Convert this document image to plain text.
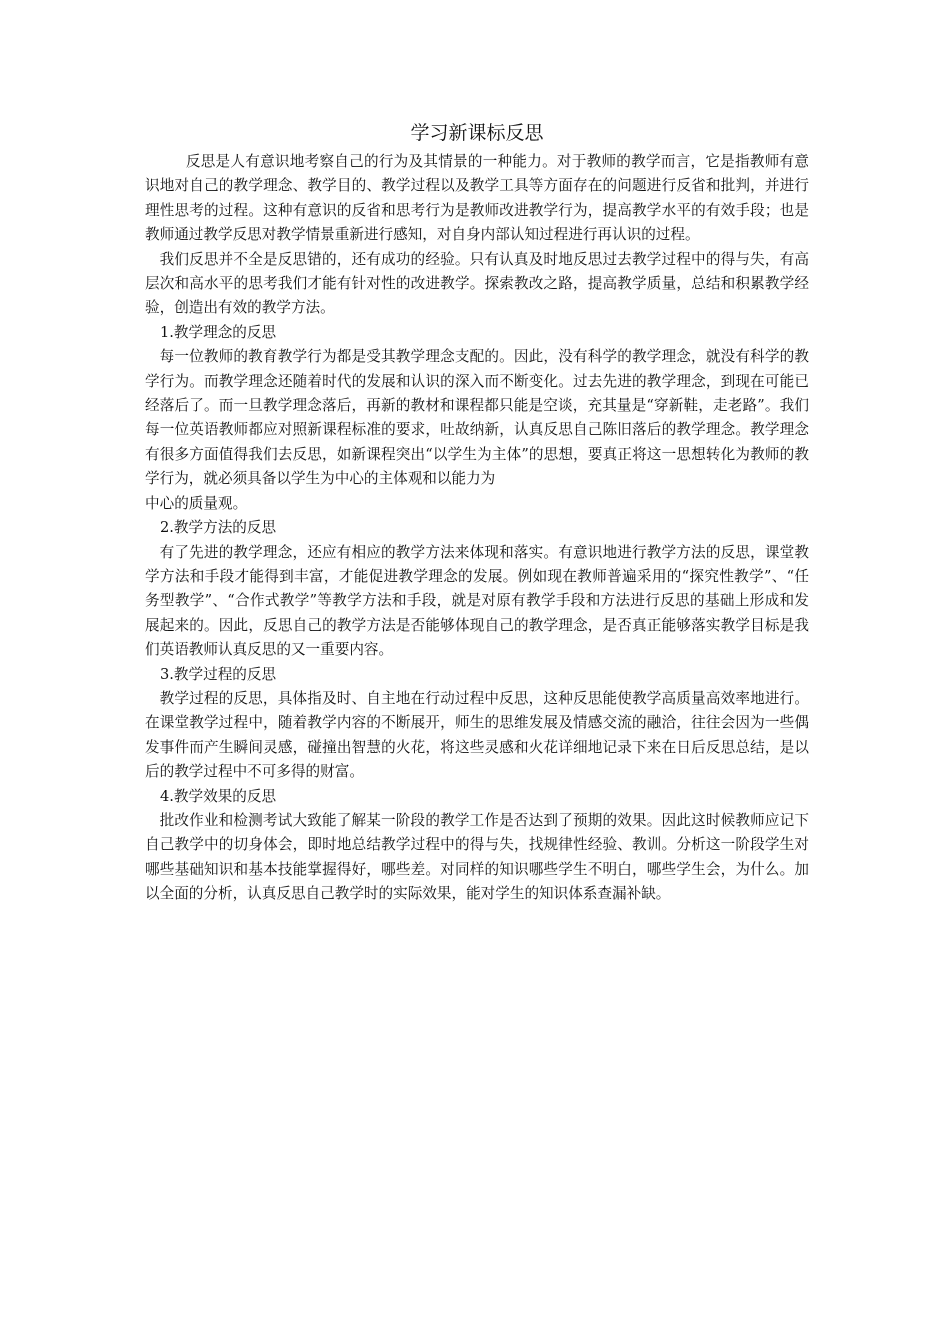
学习新课标反思

反思是人有意识地考察自己的行为及其情景的一种能力。对于教师的教学而言，它是指教师有意识地对自己的教学理念、教学目的、教学过程以及教学工具等方面存在的问题进行反省和批判，并进行理性思考的过程。这种有意识的反省和思考行为是教师改进教学行为，提高教学水平的有效手段；也是教师通过教学反思对教学情景重新进行感知，对自身内部认知过程进行再认识的过程。

我们反思并不全是反思错的，还有成功的经验。只有认真及时地反思过去教学过程中的得与失，有高层次和高水平的思考我们才能有针对性的改进教学。探索教改之路，提高教学质量，总结和积累教学经验，创造出有效的教学方法。

1.教学理念的反思

每一位教师的教育教学行为都是受其教学理念支配的。因此，没有科学的教学理念，就没有科学的教学行为。而教学理念还随着时代的发展和认识的深入而不断变化。过去先进的教学理念，到现在可能已经落后了。而一旦教学理念落后，再新的教材和课程都只能是空谈，充其量是“穿新鞋，走老路”。我们每一位英语教师都应对照新课程标准的要求，吐故纳新，认真反思自己陈旧落后的教学理念。教学理念有很多方面值得我们去反思，如新课程突出“以学生为主体”的思想，要真正将这一思想转化为教师的教学行为，就必须具备以学生为中心的主体观和以能力为

中心的质量观。

2.教学方法的反思

有了先进的教学理念，还应有相应的教学方法来体现和落实。有意识地进行教学方法的反思，课堂教学方法和手段才能得到丰富，才能促进教学理念的发展。例如现在教师普遍采用的“探究性教学”、“任务型教学”、“合作式教学”等教学方法和手段，就是对原有教学手段和方法进行反思的基础上形成和发展起来的。因此，反思自己的教学方法是否能够体现自己的教学理念，是否真正能够落实教学目标是我们英语教师认真反思的又一重要内容。

3.教学过程的反思

教学过程的反思，具体指及时、自主地在行动过程中反思，这种反思能使教学高质量高效率地进行。在课堂教学过程中，随着教学内容的不断展开，师生的思维发展及情感交流的融洽，往往会因为一些偶发事件而产生瞬间灵感，碰撞出智慧的火花，将这些灵感和火花详细地记录下来在日后反思总结，是以后的教学过程中不可多得的财富。

4.教学效果的反思

批改作业和检测考试大致能了解某一阶段的教学工作是否达到了预期的效果。因此这时候教师应记下自己教学中的切身体会，即时地总结教学过程中的得与失，找规律性经验、教训。分析这一阶段学生对哪些基础知识和基本技能掌握得好，哪些差。对同样的知识哪些学生不明白，哪些学生会，为什么。加以全面的分析，认真反思自己教学时的实际效果，能对学生的知识体系查漏补缺。
